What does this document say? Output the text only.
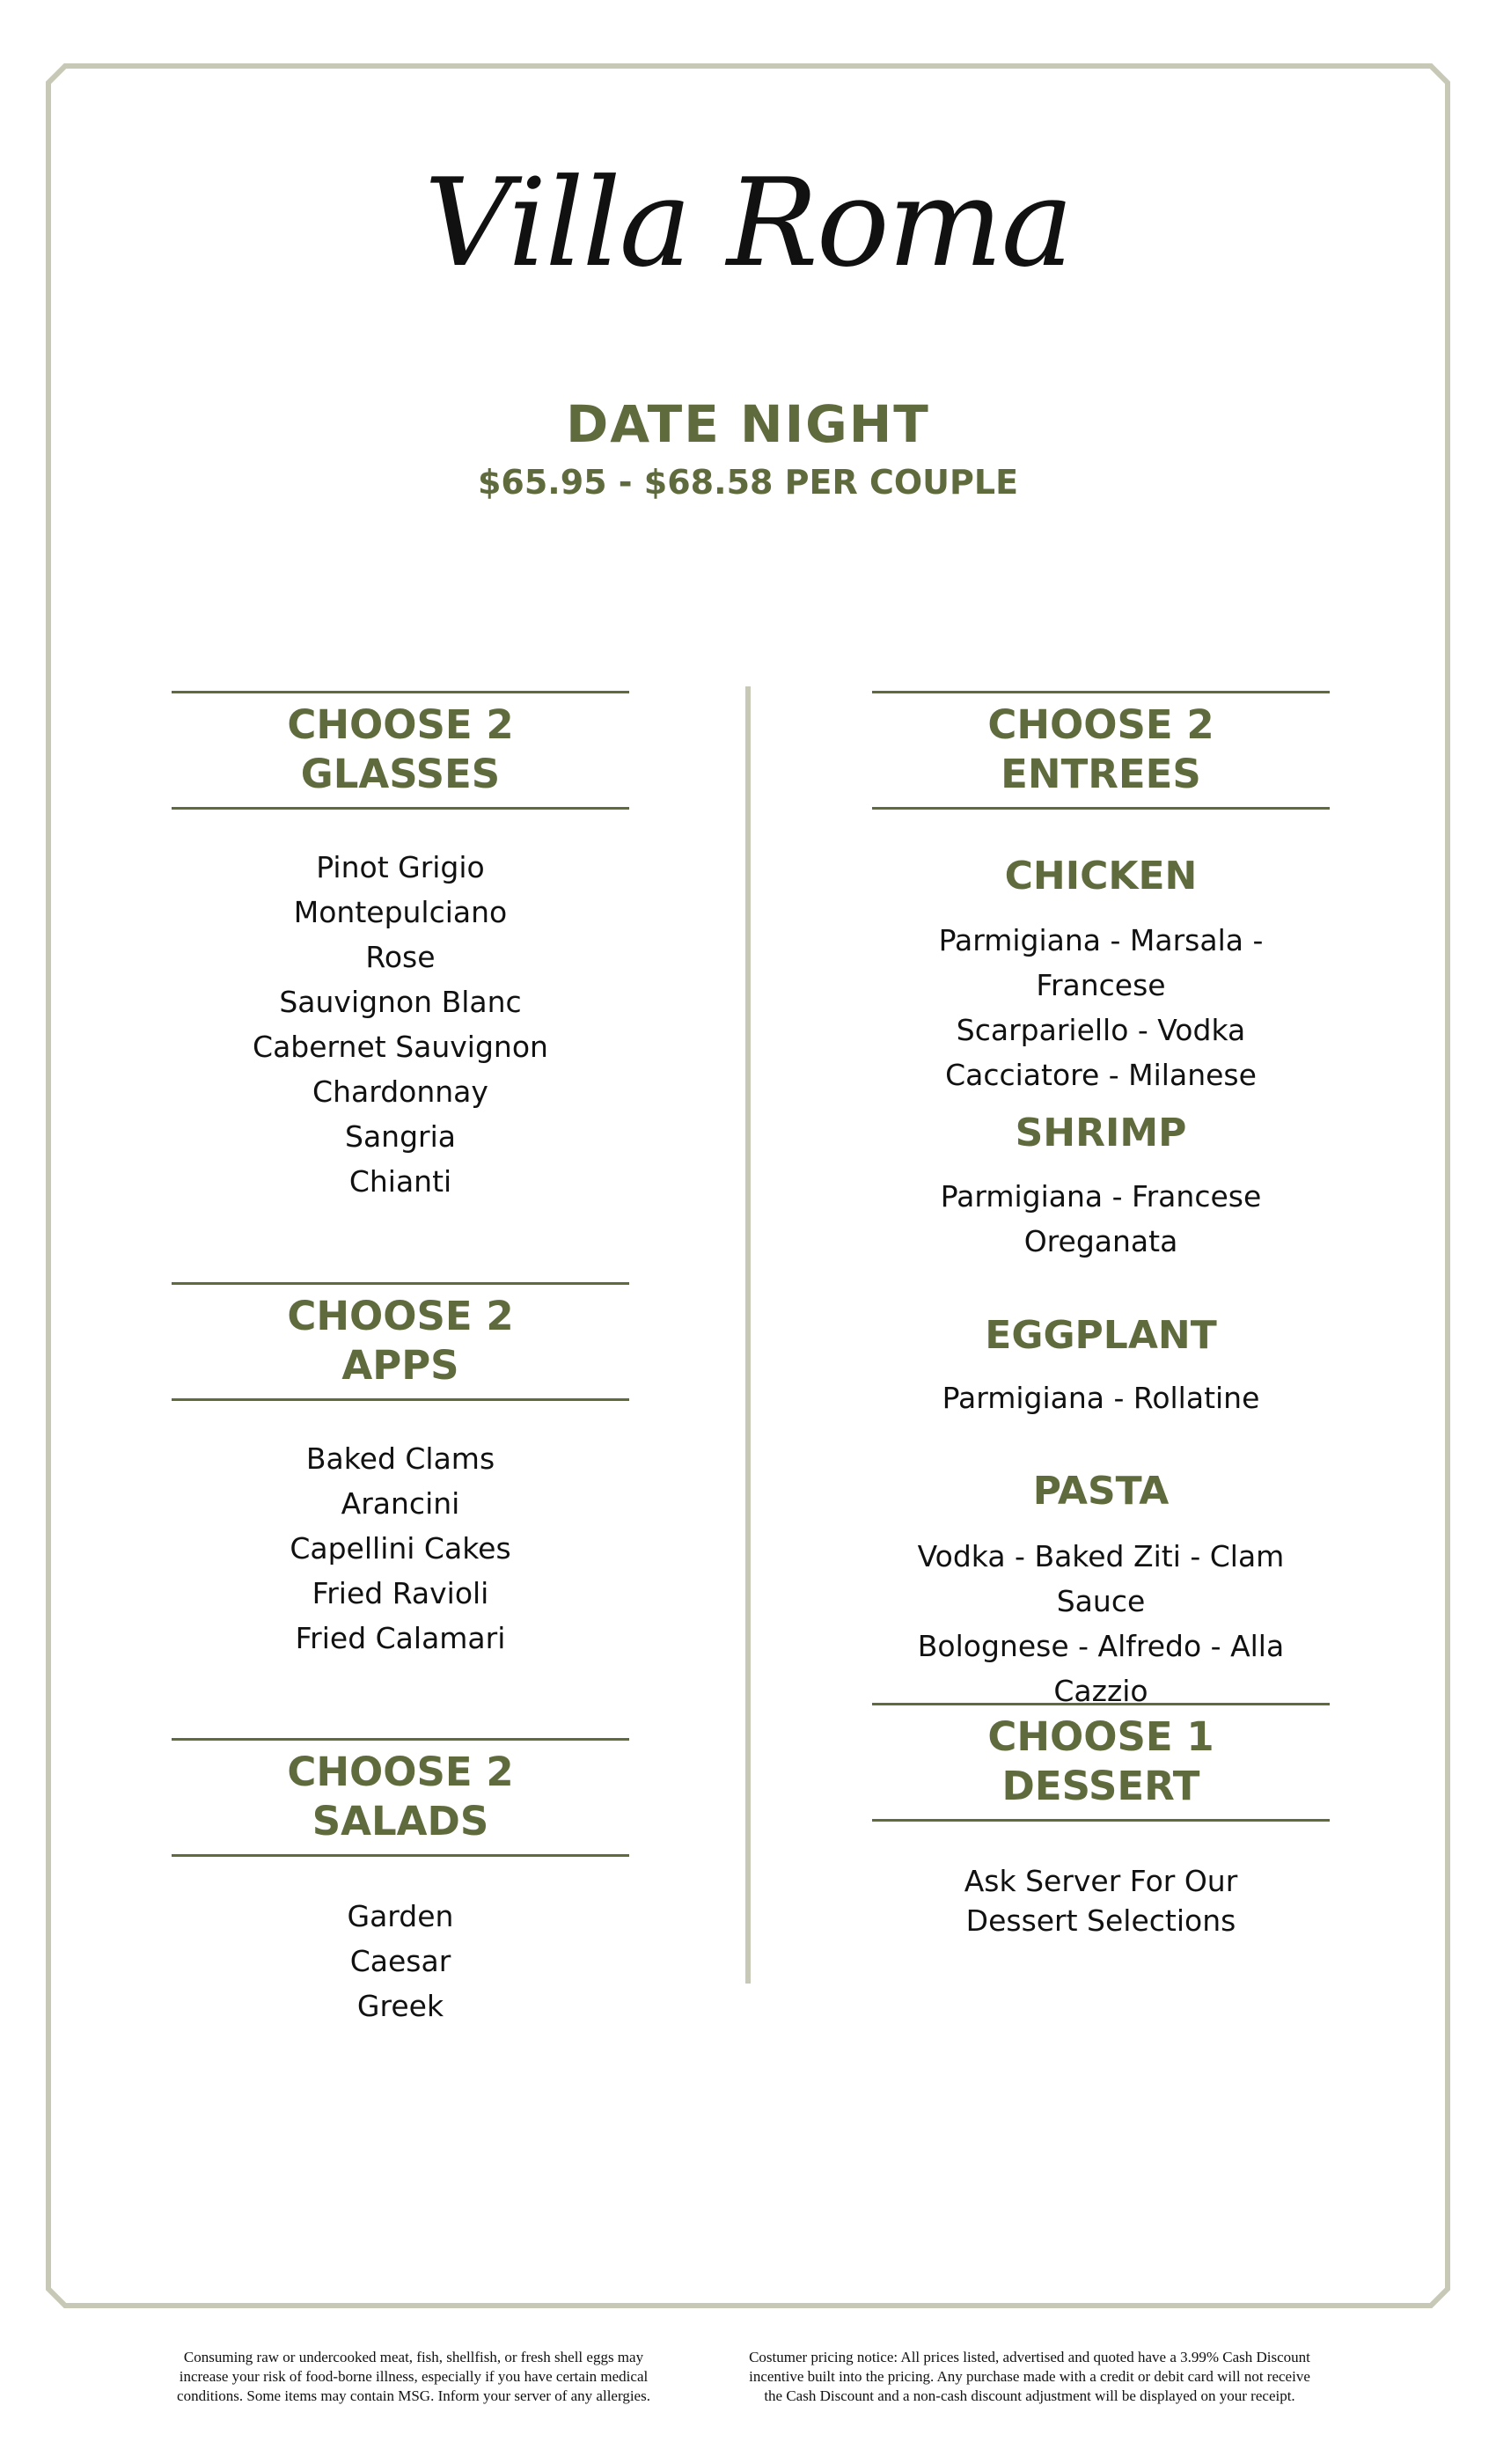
Villa Roma
DATE NIGHT
$65.95 - $68.58 PER COUPLE
CHOOSE 2
GLASSES
Pinot Grigio
Montepulciano
Rose
Sauvignon Blanc
Cabernet Sauvignon
Chardonnay
Sangria
Chianti
CHOOSE 2
APPS
Baked Clams
Arancini
Capellini Cakes
Fried Ravioli
Fried Calamari
CHOOSE 2
SALADS
Garden
Caesar
Greek
CHOOSE 2
ENTREES
CHICKEN
Parmigiana - Marsala - Francese
Scarpariello - Vodka
Cacciatore - Milanese
SHRIMP
Parmigiana - Francese
Oreganata
EGGPLANT
Parmigiana - Rollatine
PASTA
Vodka - Baked Ziti - Clam Sauce
Bolognese - Alfredo - Alla Cazzio
CHOOSE 1
DESSERT
Ask Server For Our
Dessert Selections
Consuming raw or undercooked meat, fish, shellfish, or fresh shell eggs may
increase your risk of food-borne illness, especially if you have certain medical
conditions. Some items may contain MSG. Inform your server of any allergies.
Costumer pricing notice: All prices listed, advertised and quoted have a 3.99% Cash Discount
incentive built into the pricing. Any purchase made with a credit or debit card will not receive
the Cash Discount and a non-cash discount adjustment will be displayed on your receipt.
